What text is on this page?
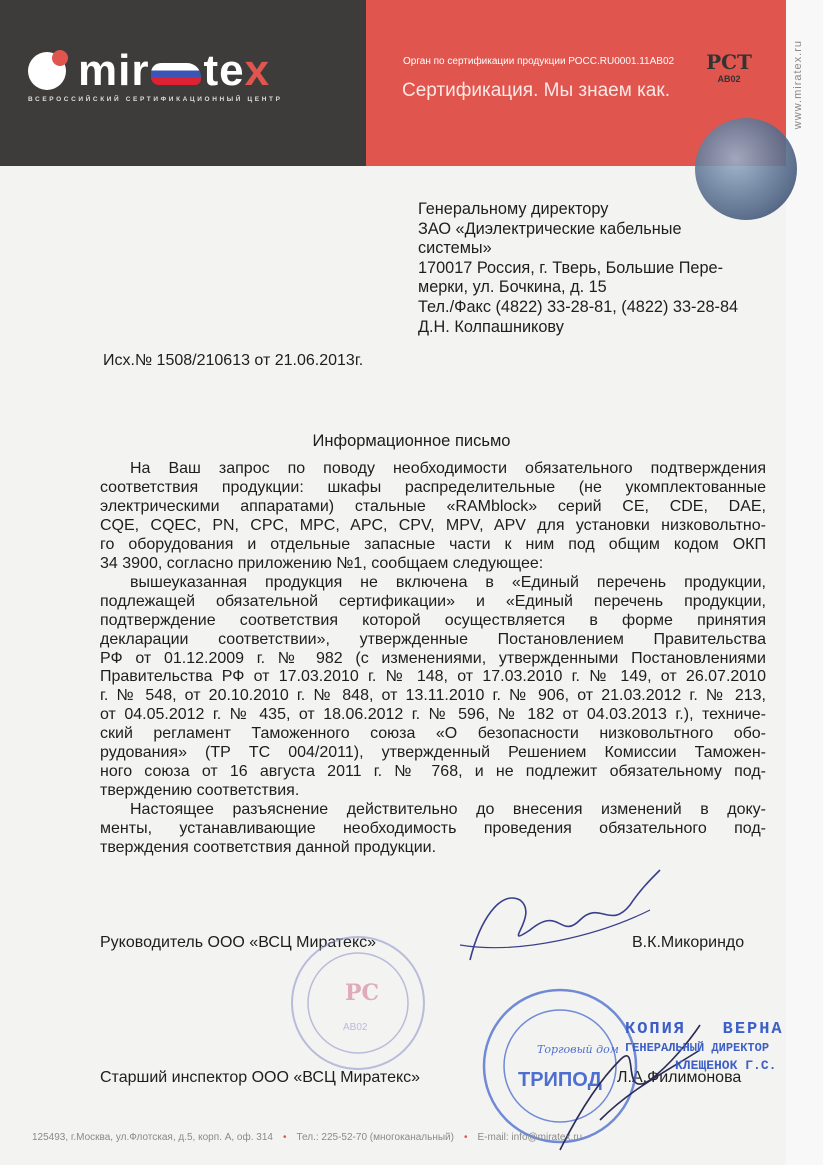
www.miratex.ru
mir tex
ВСЕРОССИЙСКИЙ СЕРТИФИКАЦИОННЫЙ ЦЕНТР
Орган по сертификации продукции РОСС.RU0001.11АВ02
Сертификация. Мы знаем как.
РСТ
АВ02
Генеральному директору
ЗАО «Диэлектрические кабельные
системы»
170017 Россия, г. Тверь, Большие Пере-
мерки, ул. Бочкина, д. 15
Тел./Факс (4822) 33-28-81, (4822) 33-28-84
Д.Н. Колпашникову
Исх.№ 1508/210613 от 21.06.2013г.
Информационное письмо
На Ваш запрос по поводу необходимости обязательного подтверждения
соответствия продукции: шкафы распределительные (не укомплектованные
электрическими аппаратами) стальные «RAMblock» серий CE, CDE, DAE,
CQE, CQEC, PN, CPC, MPC, APC, CPV, MPV, APV для установки низковольтно-
го оборудования и отдельные запасные части к ним под общим кодом ОКП
34 3900, согласно приложению №1, сообщаем следующее:
вышеуказанная продукция не включена в «Единый перечень продукции,
подлежащей обязательной сертификации» и «Единый перечень продукции,
подтверждение соответствия которой осуществляется в форме принятия
декларации соответствии», утвержденные Постановлением Правительства
РФ от 01.12.2009 г. № 982 (с изменениями, утвержденными Постановлениями
Правительства РФ от 17.03.2010 г. № 148, от 17.03.2010 г. № 149, от 26.07.2010
г. № 548, от 20.10.2010 г. № 848, от 13.11.2010 г. № 906, от 21.03.2012 г. № 213,
от 04.05.2012 г. № 435, от 18.06.2012 г. № 596, № 182 от 04.03.2013 г.), техниче-
ский регламент Таможенного союза «О безопасности низковольтного обо-
рудования» (ТР ТС 004/2011), утвержденный Решением Комиссии Таможен-
ного союза от 16 августа 2011 г. № 768, и не подлежит обязательному под-
тверждению соответствия.
Настоящее разъяснение действительно до внесения изменений в доку-
менты, устанавливающие необходимость проведения обязательного под-
тверждения соответствия данной продукции.
Руководитель ООО «ВСЦ Миратекс»	В.К.Микориндо
Старший инспектор ООО «ВСЦ Миратекс»	Л.А.Филимонова
РС
АВ02
Торговый дом
ТРИПОД
КОПИЯ   ВЕРНА
ГЕНЕРАЛЬНЫЙ ДИРЕКТОР
КЛЕЩЕНОК Г.С.
125493, г.Москва, ул.Флотская, д.5, корп. А, оф. 314 • Тел.: 225-52-70 (многоканальный) • E-mail: info@miratex.ru
